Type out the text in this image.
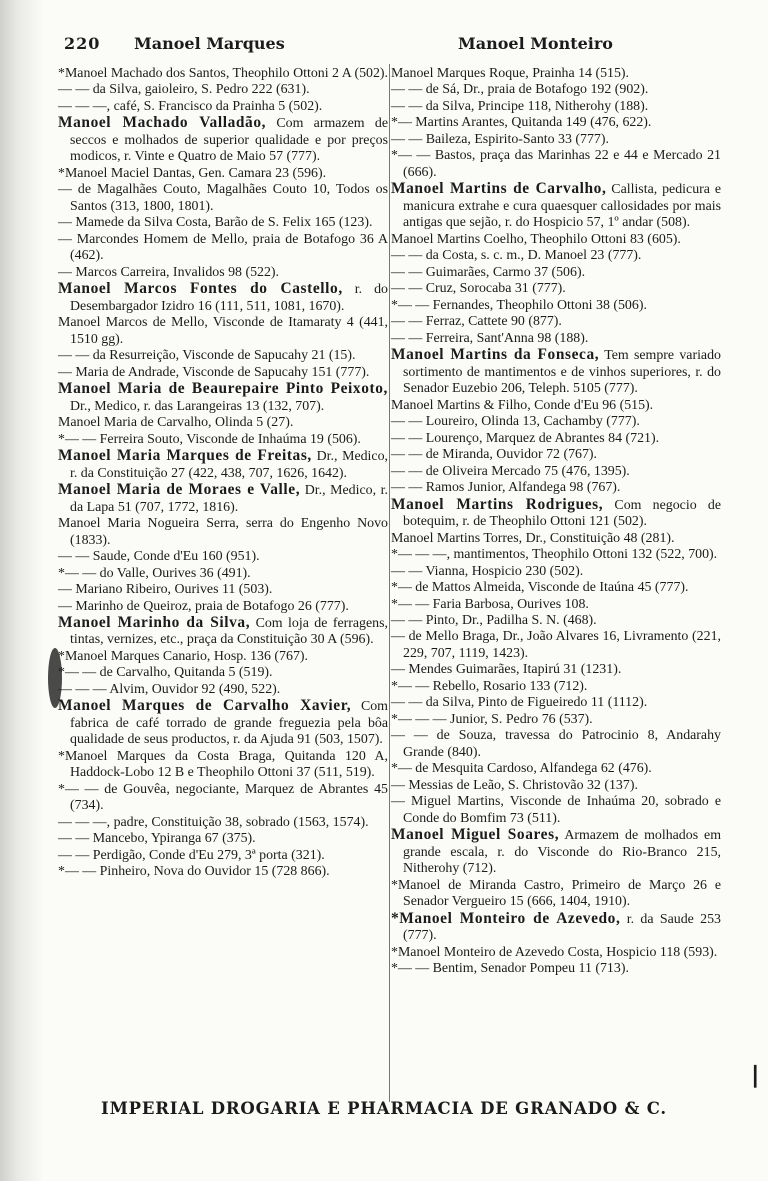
220 Manoel Marques	Manoel Monteiro

*Manoel Machado dos Santos, Theophilo Ottoni 2 A (502).

— — da Silva, gaioleiro, S. Pedro 222 (631).

— — —, café, S. Francisco da Prainha 5 (502).

Manoel Machado Valladão, Com armazem de seccos e molhados de superior qualidade e por preços modicos, r. Vinte e Quatro de Maio 57 (777).

*Manoel Maciel Dantas, Gen. Camara 23 (596).

— de Magalhães Couto, Magalhães Couto 10, Todos os Santos (313, 1800, 1801).

— Mamede da Silva Costa, Barão de S. Felix 165 (123).

— Marcondes Homem de Mello, praia de Botafogo 36 A (462).

— Marcos Carreira, Invalidos 98 (522).

Manoel Marcos Fontes do Castello, r. do Desembargador Izidro 16 (111, 511, 1081, 1670).

Manoel Marcos de Mello, Visconde de Itamaraty 4 (441, 1510 gg).

— — da Resurreição, Visconde de Sapucahy 21 (15).

— Maria de Andrade, Visconde de Sapucahy 151 (777).

Manoel Maria de Beaurepaire Pinto Peixoto, Dr., Medico, r. das Larangeiras 13 (132, 707).

Manoel Maria de Carvalho, Olinda 5 (27).

*— — Ferreira Souto, Visconde de Inhaúma 19 (506).

Manoel Maria Marques de Freitas, Dr., Medico, r. da Constituição 27 (422, 438, 707, 1626, 1642).

Manoel Maria de Moraes e Valle, Dr., Medico, r. da Lapa 51 (707, 1772, 1816).

Manoel Maria Nogueira Serra, serra do Engenho Novo (1833).

— — Saude, Conde d'Eu 160 (951).

*— — do Valle, Ourives 36 (491).

— Mariano Ribeiro, Ourives 11 (503).

— Marinho de Queiroz, praia de Botafogo 26 (777).

Manoel Marinho da Silva, Com loja de ferragens, tintas, vernizes, etc., praça da Constituição 30 A (596).

*Manoel Marques Canario, Hosp. 136 (767).

*— — de Carvalho, Quitanda 5 (519).

— — — Alvim, Ouvidor 92 (490, 522).

Manoel Marques de Carvalho Xavier, Com fabrica de café torrado de grande freguezia pela bôa qualidade de seus productos, r. da Ajuda 91 (503, 1507).

*Manoel Marques da Costa Braga, Quitanda 120 A, Haddock-Lobo 12 B e Theophilo Ottoni 37 (511, 519).

*— — de Gouvêa, negociante, Marquez de Abrantes 45 (734).

— — —, padre, Constituição 38, sobrado (1563, 1574).

— — Mancebo, Ypiranga 67 (375).

— — Perdigão, Conde d'Eu 279, 3ª porta (321).

*— — Pinheiro, Nova do Ouvidor 15 (728 866).

Manoel Marques Roque, Prainha 14 (515).

— — de Sá, Dr., praia de Botafogo 192 (902).

— — da Silva, Principe 118, Nitherohy (188).

*— Martins Arantes, Quitanda 149 (476, 622).

— — Baileza, Espirito-Santo 33 (777).

*— — Bastos, praça das Marinhas 22 e 44 e Mercado 21 (666).

Manoel Martins de Carvalho, Callista, pedicura e manicura extrahe e cura quaesquer callosidades por mais antigas que sejão, r. do Hospicio 57, 1º andar (508).

Manoel Martins Coelho, Theophilo Ottoni 83 (605).

— — da Costa, s. c. m., D. Manoel 23 (777).

— — Guimarães, Carmo 37 (506).

— — Cruz, Sorocaba 31 (777).

*— — Fernandes, Theophilo Ottoni 38 (506).

— — Ferraz, Cattete 90 (877).

— — Ferreira, Sant'Anna 98 (188).

Manoel Martins da Fonseca, Tem sempre variado sortimento de mantimentos e de vinhos superiores, r. do Senador Euzebio 206, Teleph. 5105 (777).

Manoel Martins & Filho, Conde d'Eu 96 (515).

— — Loureiro, Olinda 13, Cachamby (777).

— — Lourenço, Marquez de Abrantes 84 (721).

— — de Miranda, Ouvidor 72 (767).

— — de Oliveira Mercado 75 (476, 1395).

— — Ramos Junior, Alfandega 98 (767).

Manoel Martins Rodrigues, Com negocio de botequim, r. de Theophilo Ottoni 121 (502).

Manoel Martins Torres, Dr., Constituição 48 (281).

*— — —, mantimentos, Theophilo Ottoni 132 (522, 700).

— — Vianna, Hospicio 230 (502).

*— de Mattos Almeida, Visconde de Itaúna 45 (777).

*— — Faria Barbosa, Ourives 108.

— — Pinto, Dr., Padilha S. N. (468).

— de Mello Braga, Dr., João Alvares 16, Livramento (221, 229, 707, 1119, 1423).

— Mendes Guimarães, Itapirú 31 (1231).

*— — Rebello, Rosario 133 (712).

— — da Silva, Pinto de Figueiredo 11 (1112).

*— — — Junior, S. Pedro 76 (537).

— — de Souza, travessa do Patrocinio 8, Andarahy Grande (840).

*— de Mesquita Cardoso, Alfandega 62 (476).

— Messias de Leão, S. Christovão 32 (137).

— Miguel Martins, Visconde de Inhaúma 20, sobrado e Conde do Bomfim 73 (511).

Manoel Miguel Soares, Armazem de molhados em grande escala, r. do Visconde do Rio-Branco 215, Nitherohy (712).

*Manoel de Miranda Castro, Primeiro de Março 26 e Senador Vergueiro 15 (666, 1404, 1910).

*Manoel Monteiro de Azevedo, r. da Saude 253 (777).

*Manoel Monteiro de Azevedo Costa, Hospicio 118 (593).

*— — Bentim, Senador Pompeu 11 (713).

IMPERIAL DROGARIA E PHARMACIA DE GRANADO & C.
❘
